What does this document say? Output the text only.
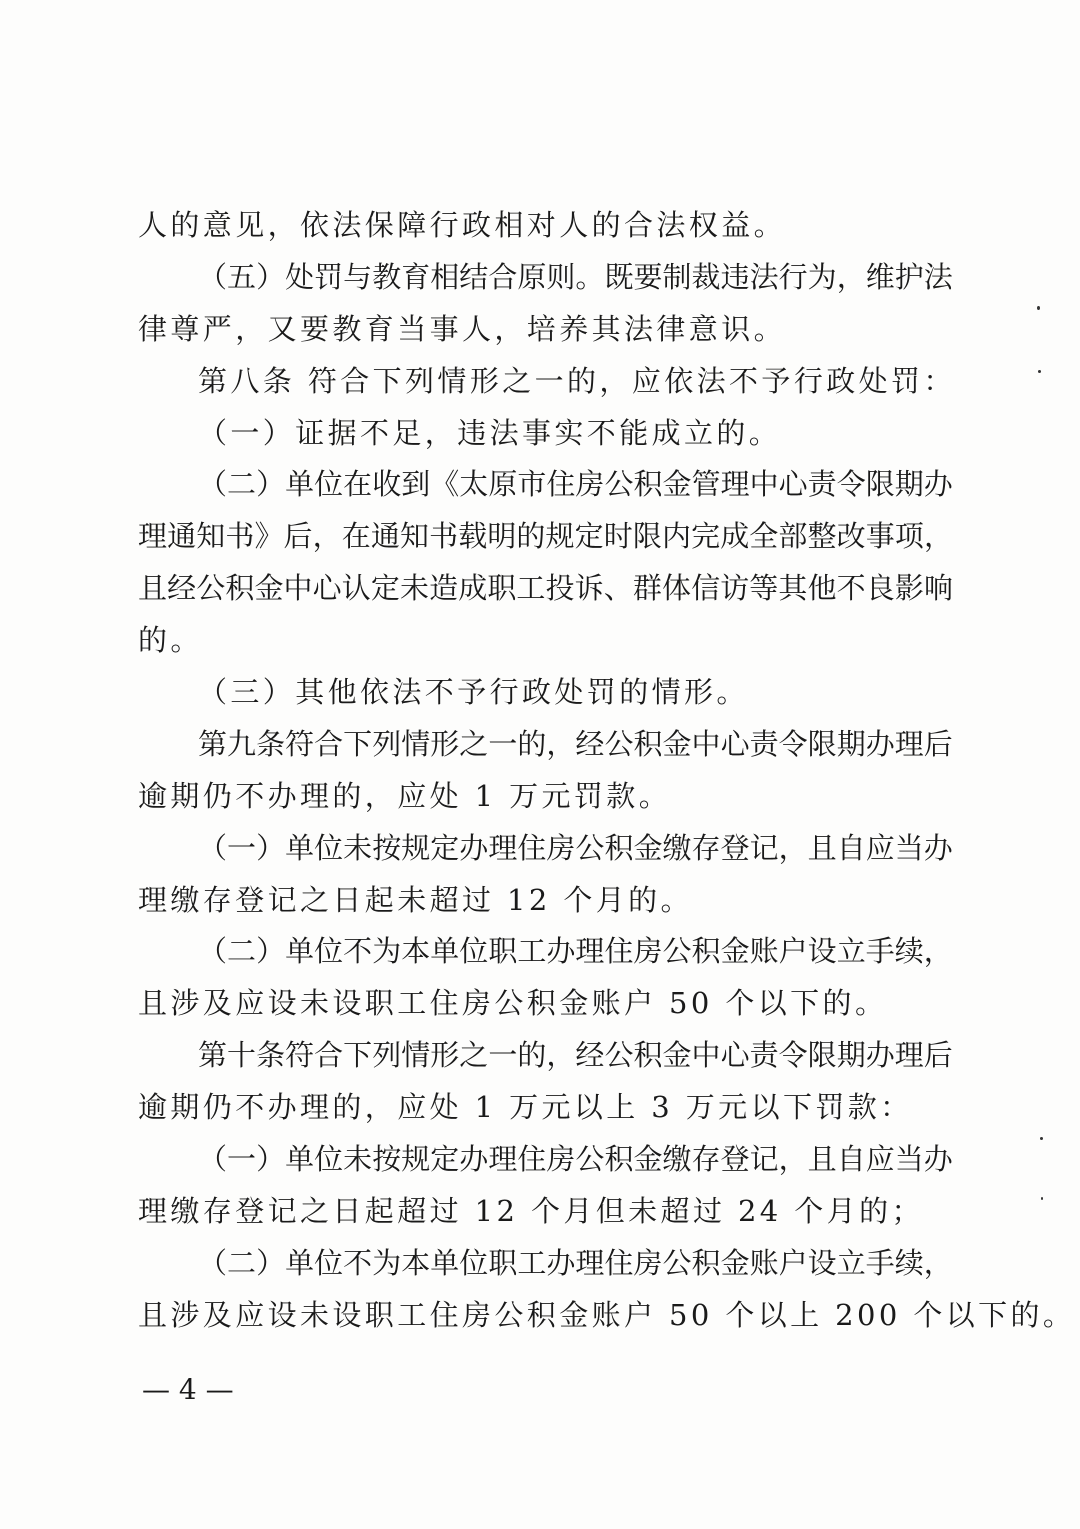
人的意见，依法保障行政相对人的合法权益。
（ 五 ） 处 罚 与 教 育 相 结 合 原 则 。 既 要 制 裁 违 法 行 为 ， 维 护 法
律尊严，又要教育当事人，培养其法律意识。
第八条 符合下列情形之一的，应依法不予行政处罚：
（一）证据不足，违法事实不能成立的。
（ 二 ） 单 位 在 收 到 《 太 原 市 住 房 公 积 金 管 理 中 心 责 令 限 期 办
理 通 知 书 》 后 ， 在 通 知 书 载 明 的 规 定 时 限 内 完 成 全 部 整 改 事 项 ，
且 经 公 积 金 中 心 认 定 未 造 成 职 工 投 诉 、 群 体 信 访 等 其 他 不 良 影 响
的。
（三）其他依法不予行政处罚的情形。
第 九 条 符 合 下 列 情 形 之 一 的 ， 经 公 积 金 中 心 责 令 限 期 办 理 后
逾期仍不办理的，应处 1 万元罚款。
（ 一 ） 单 位 未 按 规 定 办 理 住 房 公 积 金 缴 存 登 记 ， 且 自 应 当 办
理缴存登记之日起未超过 12 个月的。
（ 二 ） 单 位 不 为 本 单 位 职 工 办 理 住 房 公 积 金 账 户 设 立 手 续 ，
且涉及应设未设职工住房公积金账户 50 个以下的。
第 十 条 符 合 下 列 情 形 之 一 的 ， 经 公 积 金 中 心 责 令 限 期 办 理 后
逾期仍不办理的，应处 1 万元以上 3 万元以下罚款：
（ 一 ） 单 位 未 按 规 定 办 理 住 房 公 积 金 缴 存 登 记 ， 且 自 应 当 办
理缴存登记之日起超过 12 个月但未超过 24 个月的；
（ 二 ） 单 位 不 为 本 单 位 职 工 办 理 住 房 公 积 金 账 户 设 立 手 续 ，
且涉及应设未设职工住房公积金账户 50 个以上 200 个以下的。
— 4 —
